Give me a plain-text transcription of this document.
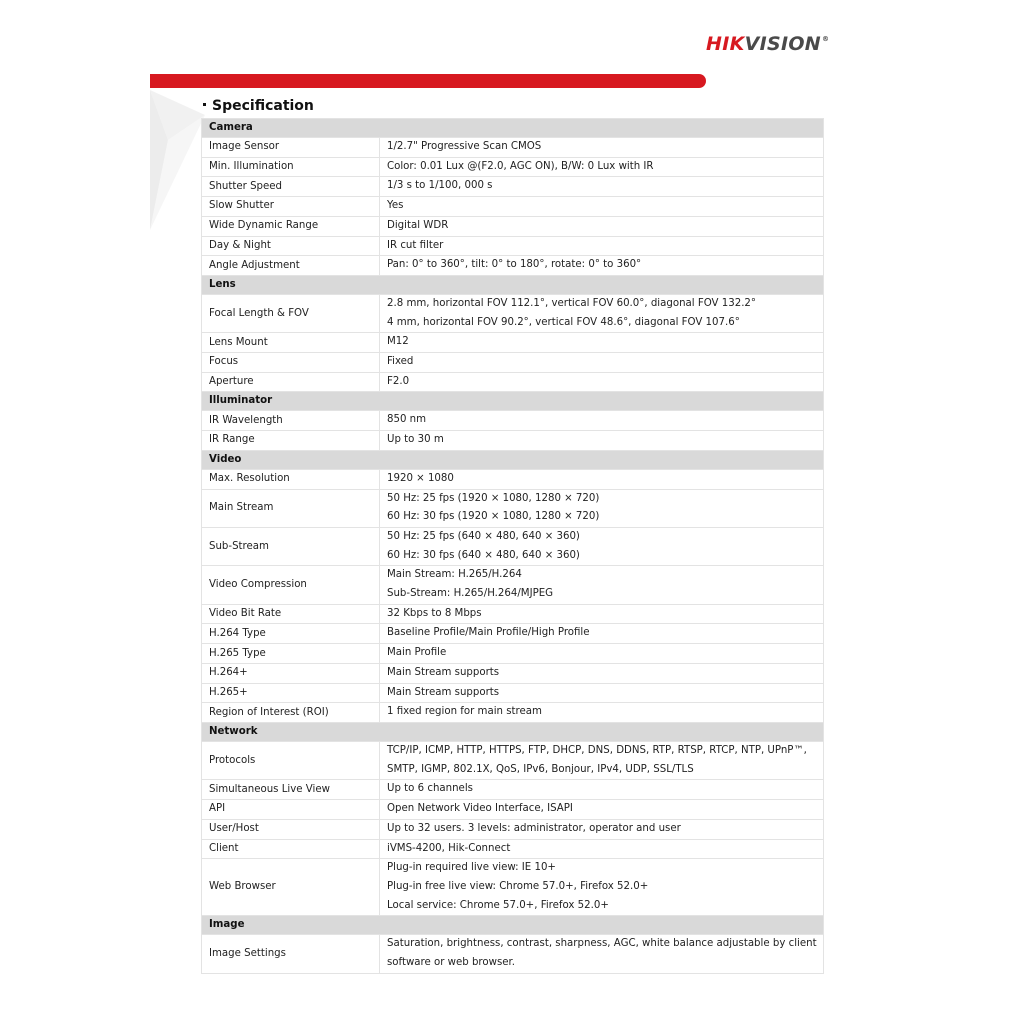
HIKVISION®
Specification
Camera	
Image Sensor	1/2.7" Progressive Scan CMOS

Min. Illumination	Color: 0.01 Lux @(F2.0, AGC ON), B/W: 0 Lux with IR

Shutter Speed	1/3 s to 1/100, 000 s

Slow Shutter	Yes

Wide Dynamic Range	Digital WDR

Day & Night	IR cut filter

Angle Adjustment	Pan: 0° to 360°, tilt: 0° to 180°, rotate: 0° to 360°

Lens	
Focal Length & FOV	2.8 mm, horizontal FOV 112.1°, vertical FOV 60.0°, diagonal FOV 132.2°
4 mm, horizontal FOV 90.2°, vertical FOV 48.6°, diagonal FOV 107.6°

Lens Mount	M12

Focus	Fixed

Aperture	F2.0

Illuminator	
IR Wavelength	850 nm

IR Range	Up to 30 m

Video	
Max. Resolution	1920 × 1080

Main Stream	50 Hz: 25 fps (1920 × 1080, 1280 × 720)
60 Hz: 30 fps (1920 × 1080, 1280 × 720)

Sub-Stream	50 Hz: 25 fps (640 × 480, 640 × 360)
60 Hz: 30 fps (640 × 480, 640 × 360)

Video Compression	Main Stream: H.265/H.264
Sub-Stream: H.265/H.264/MJPEG

Video Bit Rate	32 Kbps to 8 Mbps

H.264 Type	Baseline Profile/Main Profile/High Profile

H.265 Type	Main Profile

H.264+	Main Stream supports

H.265+	Main Stream supports

Region of Interest (ROI)	1 fixed region for main stream

Network	
Protocols	TCP/IP, ICMP, HTTP, HTTPS, FTP, DHCP, DNS, DDNS, RTP, RTSP, RTCP, NTP, UPnP™,
SMTP, IGMP, 802.1X, QoS, IPv6, Bonjour, IPv4, UDP, SSL/TLS

Simultaneous Live View	Up to 6 channels

API	Open Network Video Interface, ISAPI

User/Host	Up to 32 users. 3 levels: administrator, operator and user

Client	iVMS-4200, Hik-Connect

Web Browser	Plug-in required live view: IE 10+
Plug-in free live view: Chrome 57.0+, Firefox 52.0+
Local service: Chrome 57.0+, Firefox 52.0+

Image	
Image Settings	Saturation, brightness, contrast, sharpness, AGC, white balance adjustable by client
software or web browser.
